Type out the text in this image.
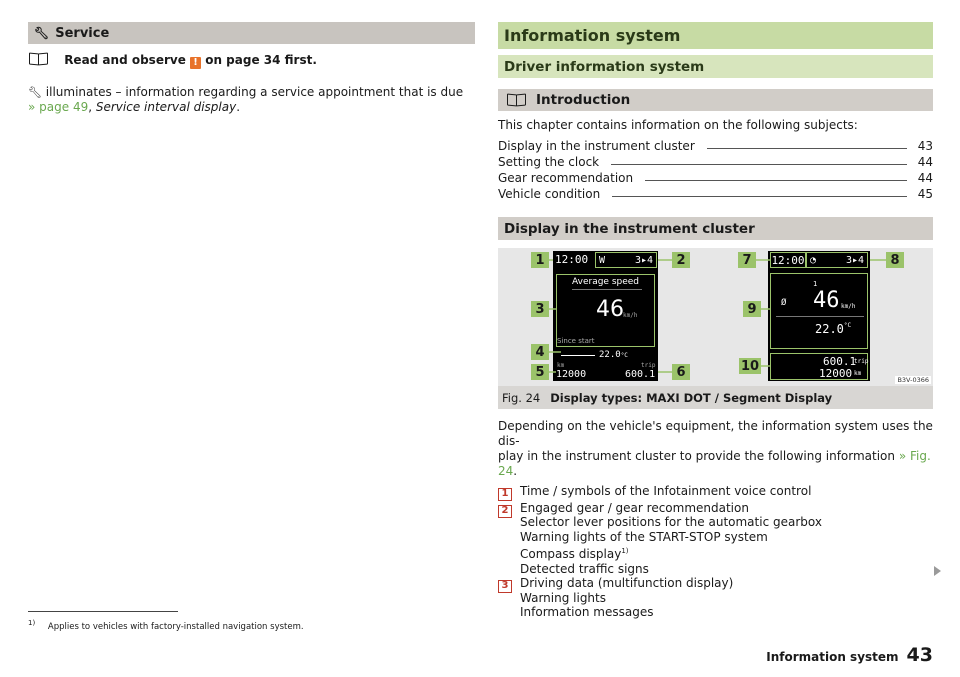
🔧︎ Service
Read and observe ! on page 34 first.
🔧︎ illuminates – information regarding a service appointment that is due
» page 49, Service interval display.
Information system
Driver information system
Introduction
This chapter contains information on the following subjects:
Display in the instrument cluster	43
Setting the clock	44
Gear recommendation	44
Vehicle condition	45
Display in the instrument cluster
12:00 W	3▸4
Average speed
46 km/h
Since start
22.0°C
km	trip
12000	600.1
12:00 ◔	3▸4
1
Ø 46 km/h
$22.0^{^\circ C}$
600.1
trip
12000 km
1	2
3
4
5	6
7	8
9
10
B3V-0366
Fig. 24 Display types: MAXI DOT / Segment Display
Depending on the vehicle's equipment, the information system uses the dis-
play in the instrument cluster to provide the following information » Fig. 24.
1 Time / symbols of the Infotainment voice control
2 Engaged gear / gear recommendation
Selector lever positions for the automatic gearbox
Warning lights of the START-STOP system
Compass display$^{1)}$
Detected traffic signs
3 Driving data (multifunction display)
Warning lights
Information messages
$^{1)}$ Applies to vehicles with factory-installed navigation system.
Information system 43
